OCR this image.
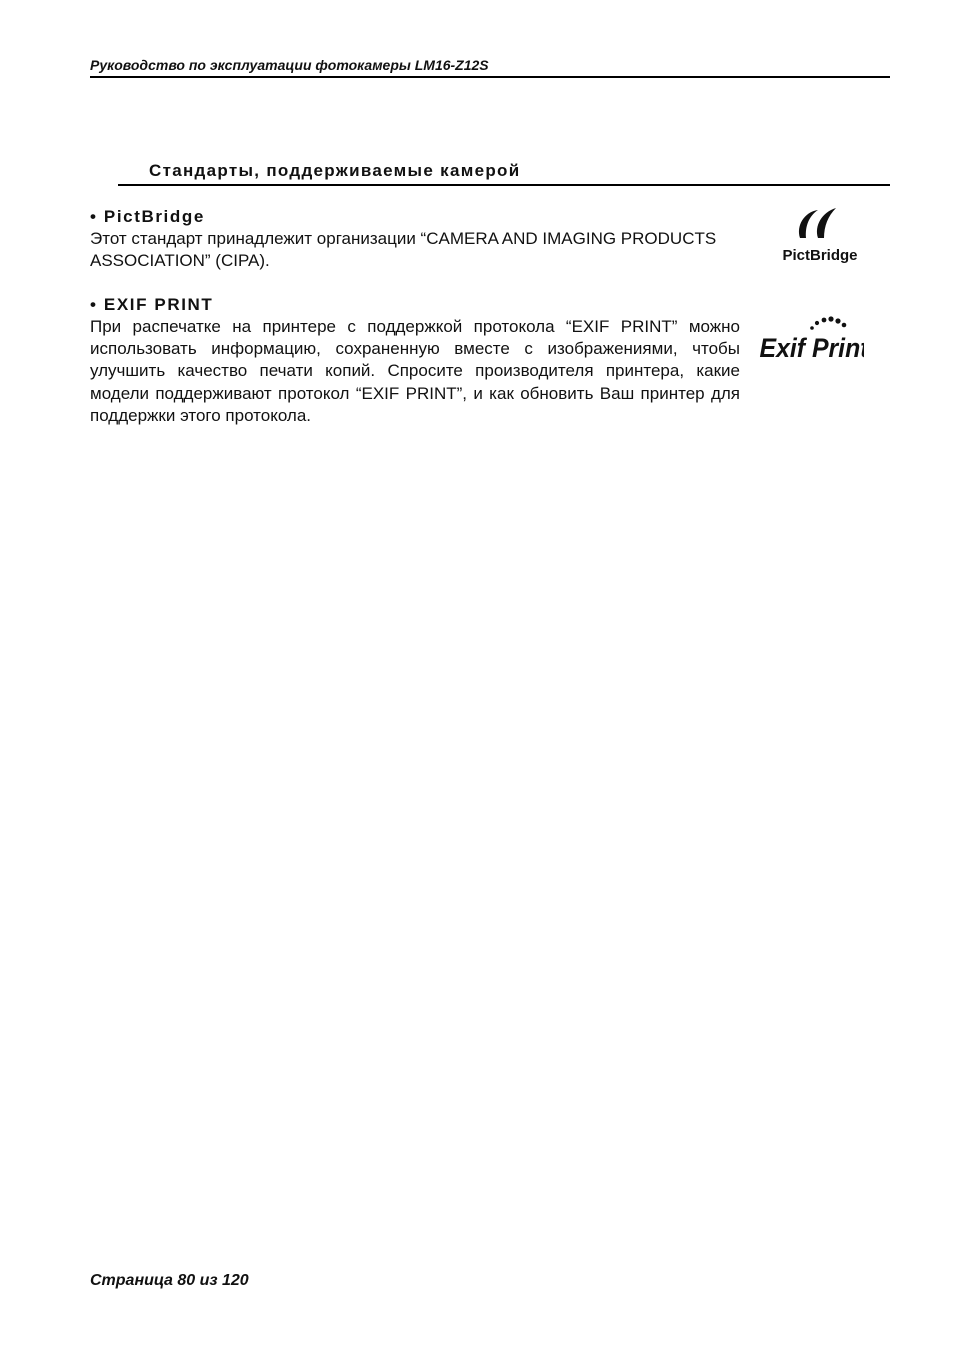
Руководство по эксплуатации фотокамеры LM16-Z12S
Стандарты, поддерживаемые камерой
• PictBridge

Этот стандарт принадлежит организации “CAMERA AND IMAGING PRODUCTS ASSOCIATION” (CIPA).	PictBridge
• EXIF PRINT

При распечатке на принтере с поддержкой протокола “EXIF PRINT” можно использовать информацию, сохраненную вместе с изображениями, чтобы улучшить качество печати копий. Спросите производителя принтера, какие модели поддерживают протокол “EXIF PRINT”, и как обновить Ваш принтер для поддержки этого протокола.

Exif Print
Страница 80 из 120
